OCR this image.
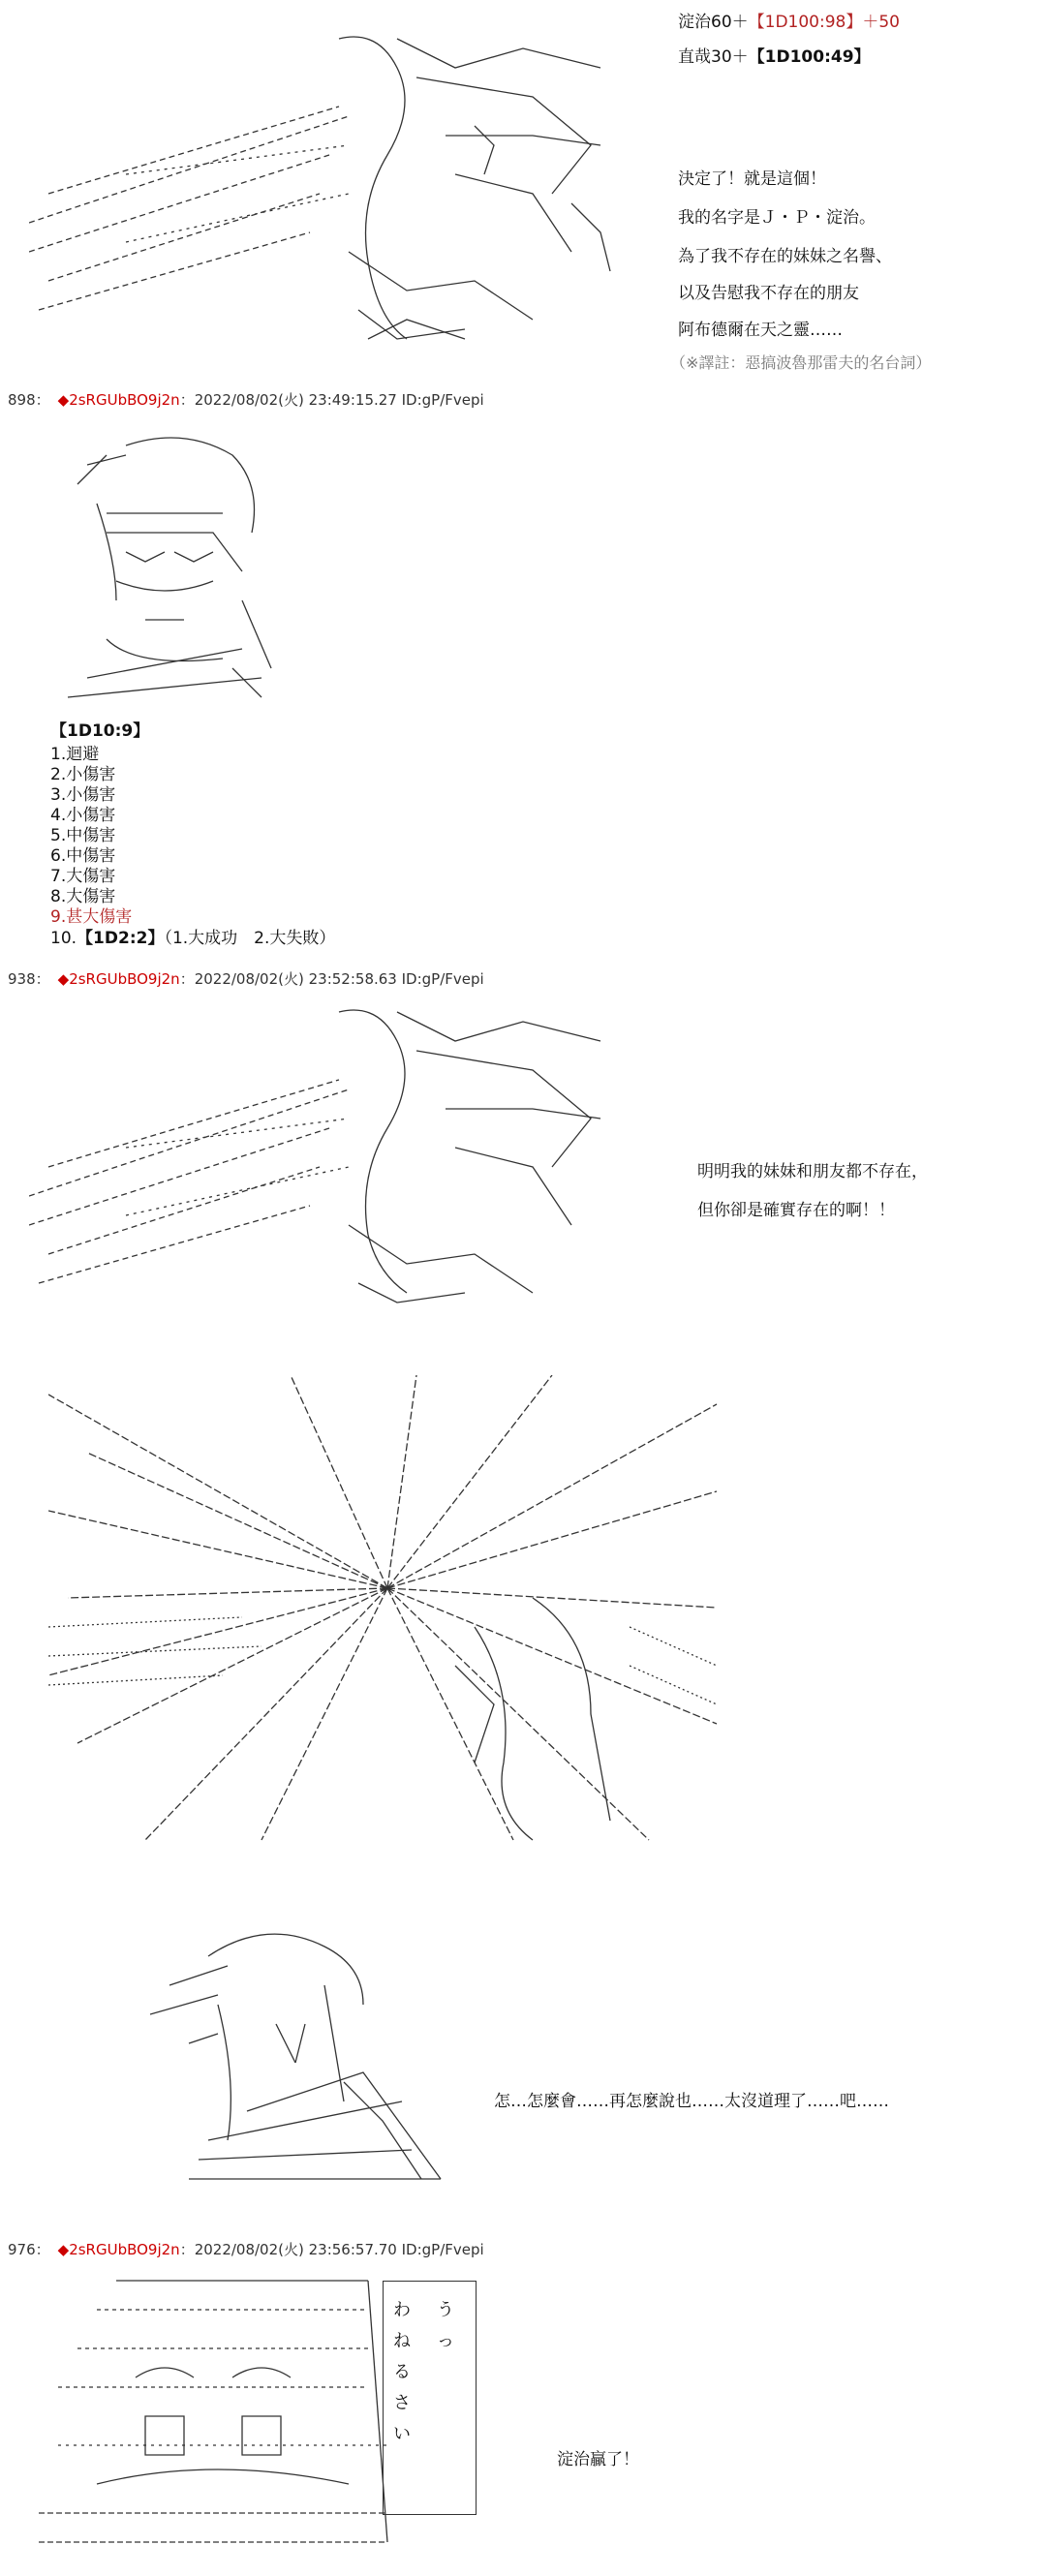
淀治60＋【1D100:98】＋50
直哉30＋【1D100:49】
決定了！就是這個！
我的名字是Ｊ・Ｐ・淀治。
為了我不存在的妹妹之名譽、
以及告慰我不存在的朋友
阿布德爾在天之靈……
（※譯註：惡搞波魯那雷夫的名台詞）
898： ◆2sRGUbBO9j2n：2022/08/02(火) 23:49:15.27 ID:gP/Fvepi
【1D10:9】
1.迴避
2.小傷害
3.小傷害
4.小傷害
5.中傷害
6.中傷害
7.大傷害
8.大傷害
9.甚大傷害
10.【1D2:2】（1.大成功　2.大失敗）
938： ◆2sRGUbBO9j2n：2022/08/02(火) 23:52:58.63 ID:gP/Fvepi
明明我的妹妹和朋友都不存在，
但你卻是確實存在的啊！！
怎…怎麼會……再怎麼說也……太沒道理了……吧……
976： ◆2sRGUbBO9j2n：2022/08/02(火) 23:56:57.70 ID:gP/Fvepi
わ
ね
る
さ
い
う
っ
淀治贏了！
